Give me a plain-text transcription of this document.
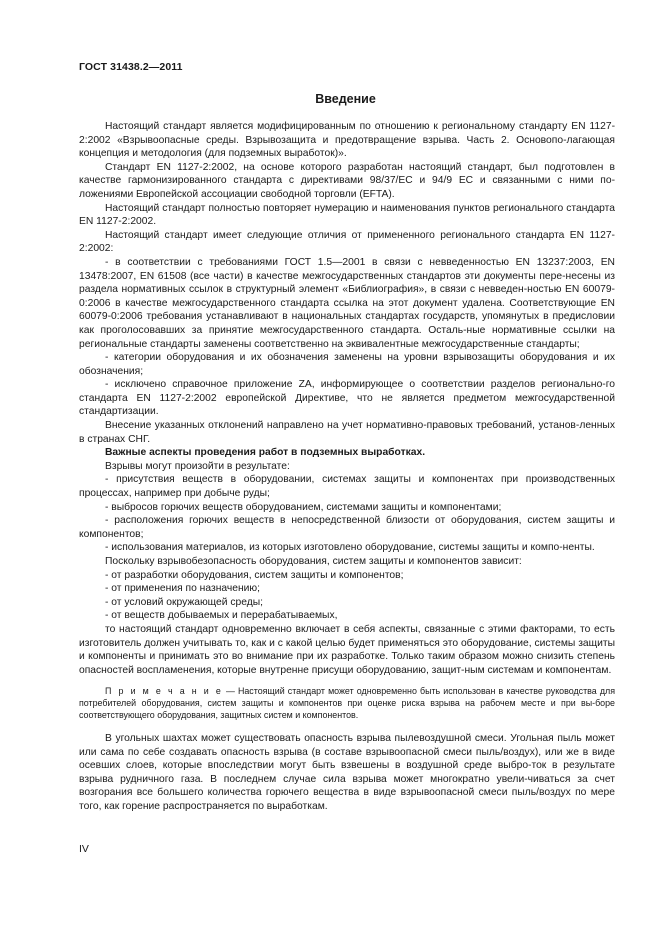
ГОСТ 31438.2—2011
Введение

Настоящий стандарт является модифицированным по отношению к региональному стандарту EN 1127-2:2002 «Взрывоопасные среды. Взрывозащита и предотвращение взрыва. Часть 2. Основопо-лагающая концепция и методология (для подземных выработок)».

Стандарт EN 1127-2:2002, на основе которого разработан настоящий стандарт, был подготовлен в качестве гармонизированного стандарта с директивами 98/37/ЕС и 94/9 ЕС и связанными с ними по-ложениями Европейской ассоциации свободной торговли (EFTA).

Настоящий стандарт полностью повторяет нумерацию и наименования пунктов регионального стандарта EN 1127-2:2002.

Настоящий стандарт имеет следующие отличия от примененного регионального стандарта EN 1127-2:2002:

- в соответствии с требованиями ГОСТ 1.5—2001 в связи с невведенностью EN 13237:2003, EN 13478:2007, EN 61508 (все части) в качестве межгосударственных стандартов эти документы пере-несены из раздела нормативных ссылок в структурный элемент «Библиография», в связи с невведен-ностью EN 60079-0:2006 в качестве межгосударственного стандарта ссылка на этот документ удалена. Соответствующие EN 60079-0:2006 требования устанавливают в национальных стандартах государств, упомянутых в предисловии как проголосовавших за принятие межгосударственного стандарта. Осталь-ные нормативные ссылки на региональные стандарты заменены соответственно на эквивалентные межгосударственные стандарты;

- категории оборудования и их обозначения заменены на уровни взрывозащиты оборудования и их обозначения;

- исключено справочное приложение ZA, информирующее о соответствии разделов регионально-го стандарта EN 1127-2:2002 европейской Директиве, что не является предметом межгосударственной стандартизации.

Внесение указанных отклонений направлено на учет нормативно-правовых требований, установ-ленных в странах СНГ.

Важные аспекты проведения работ в подземных выработках.

Взрывы могут произойти в результате:

- присутствия веществ в оборудовании, системах защиты и компонентах при производственных процессах, например при добыче руды;

- выбросов горючих веществ оборудованием, системами защиты и компонентами;

- расположения горючих веществ в непосредственной близости от оборудования, систем защиты и компонентов;

- использования материалов, из которых изготовлено оборудование, системы защиты и компо-ненты.

Поскольку взрывобезопасность оборудования, систем защиты и компонентов зависит:

- от разработки оборудования, систем защиты и компонентов;

- от применения по назначению;

- от условий окружающей среды;

- от веществ добываемых и перерабатываемых,

то настоящий стандарт одновременно включает в себя аспекты, связанные с этими факторами, то есть изготовитель должен учитывать то, как и с какой целью будет применяться это оборудование, системы защиты и компоненты и принимать это во внимание при их разработке. Только таким образом можно снизить степень опасностей воспламенения, которые внутренне присущи оборудованию, защит-ным системам и компонентам.

П р и м е ч а н и е — Настоящий стандарт может одновременно быть использован в качестве руководства для потребителей оборудования, систем защиты и компонентов при оценке риска взрыва на рабочем месте и при вы-боре соответствующего оборудования, защитных систем и компонентов.

В угольных шахтах может существовать опасность взрыва пылевоздушной смеси. Угольная пыль может или сама по себе создавать опасность взрыва (в составе взрывоопасной смеси пыль/воздух), или же в виде осевших слоев, которые впоследствии могут быть взвешены в воздушной среде выбро-ток в результате взрыва рудничного газа. В последнем случае сила взрыва может многократно увели-чиваться за счет возгорания все большего количества горючего вещества в виде взрывоопасной смеси пыль/воздух по мере того, как горение распространяется по выработкам.

IV
